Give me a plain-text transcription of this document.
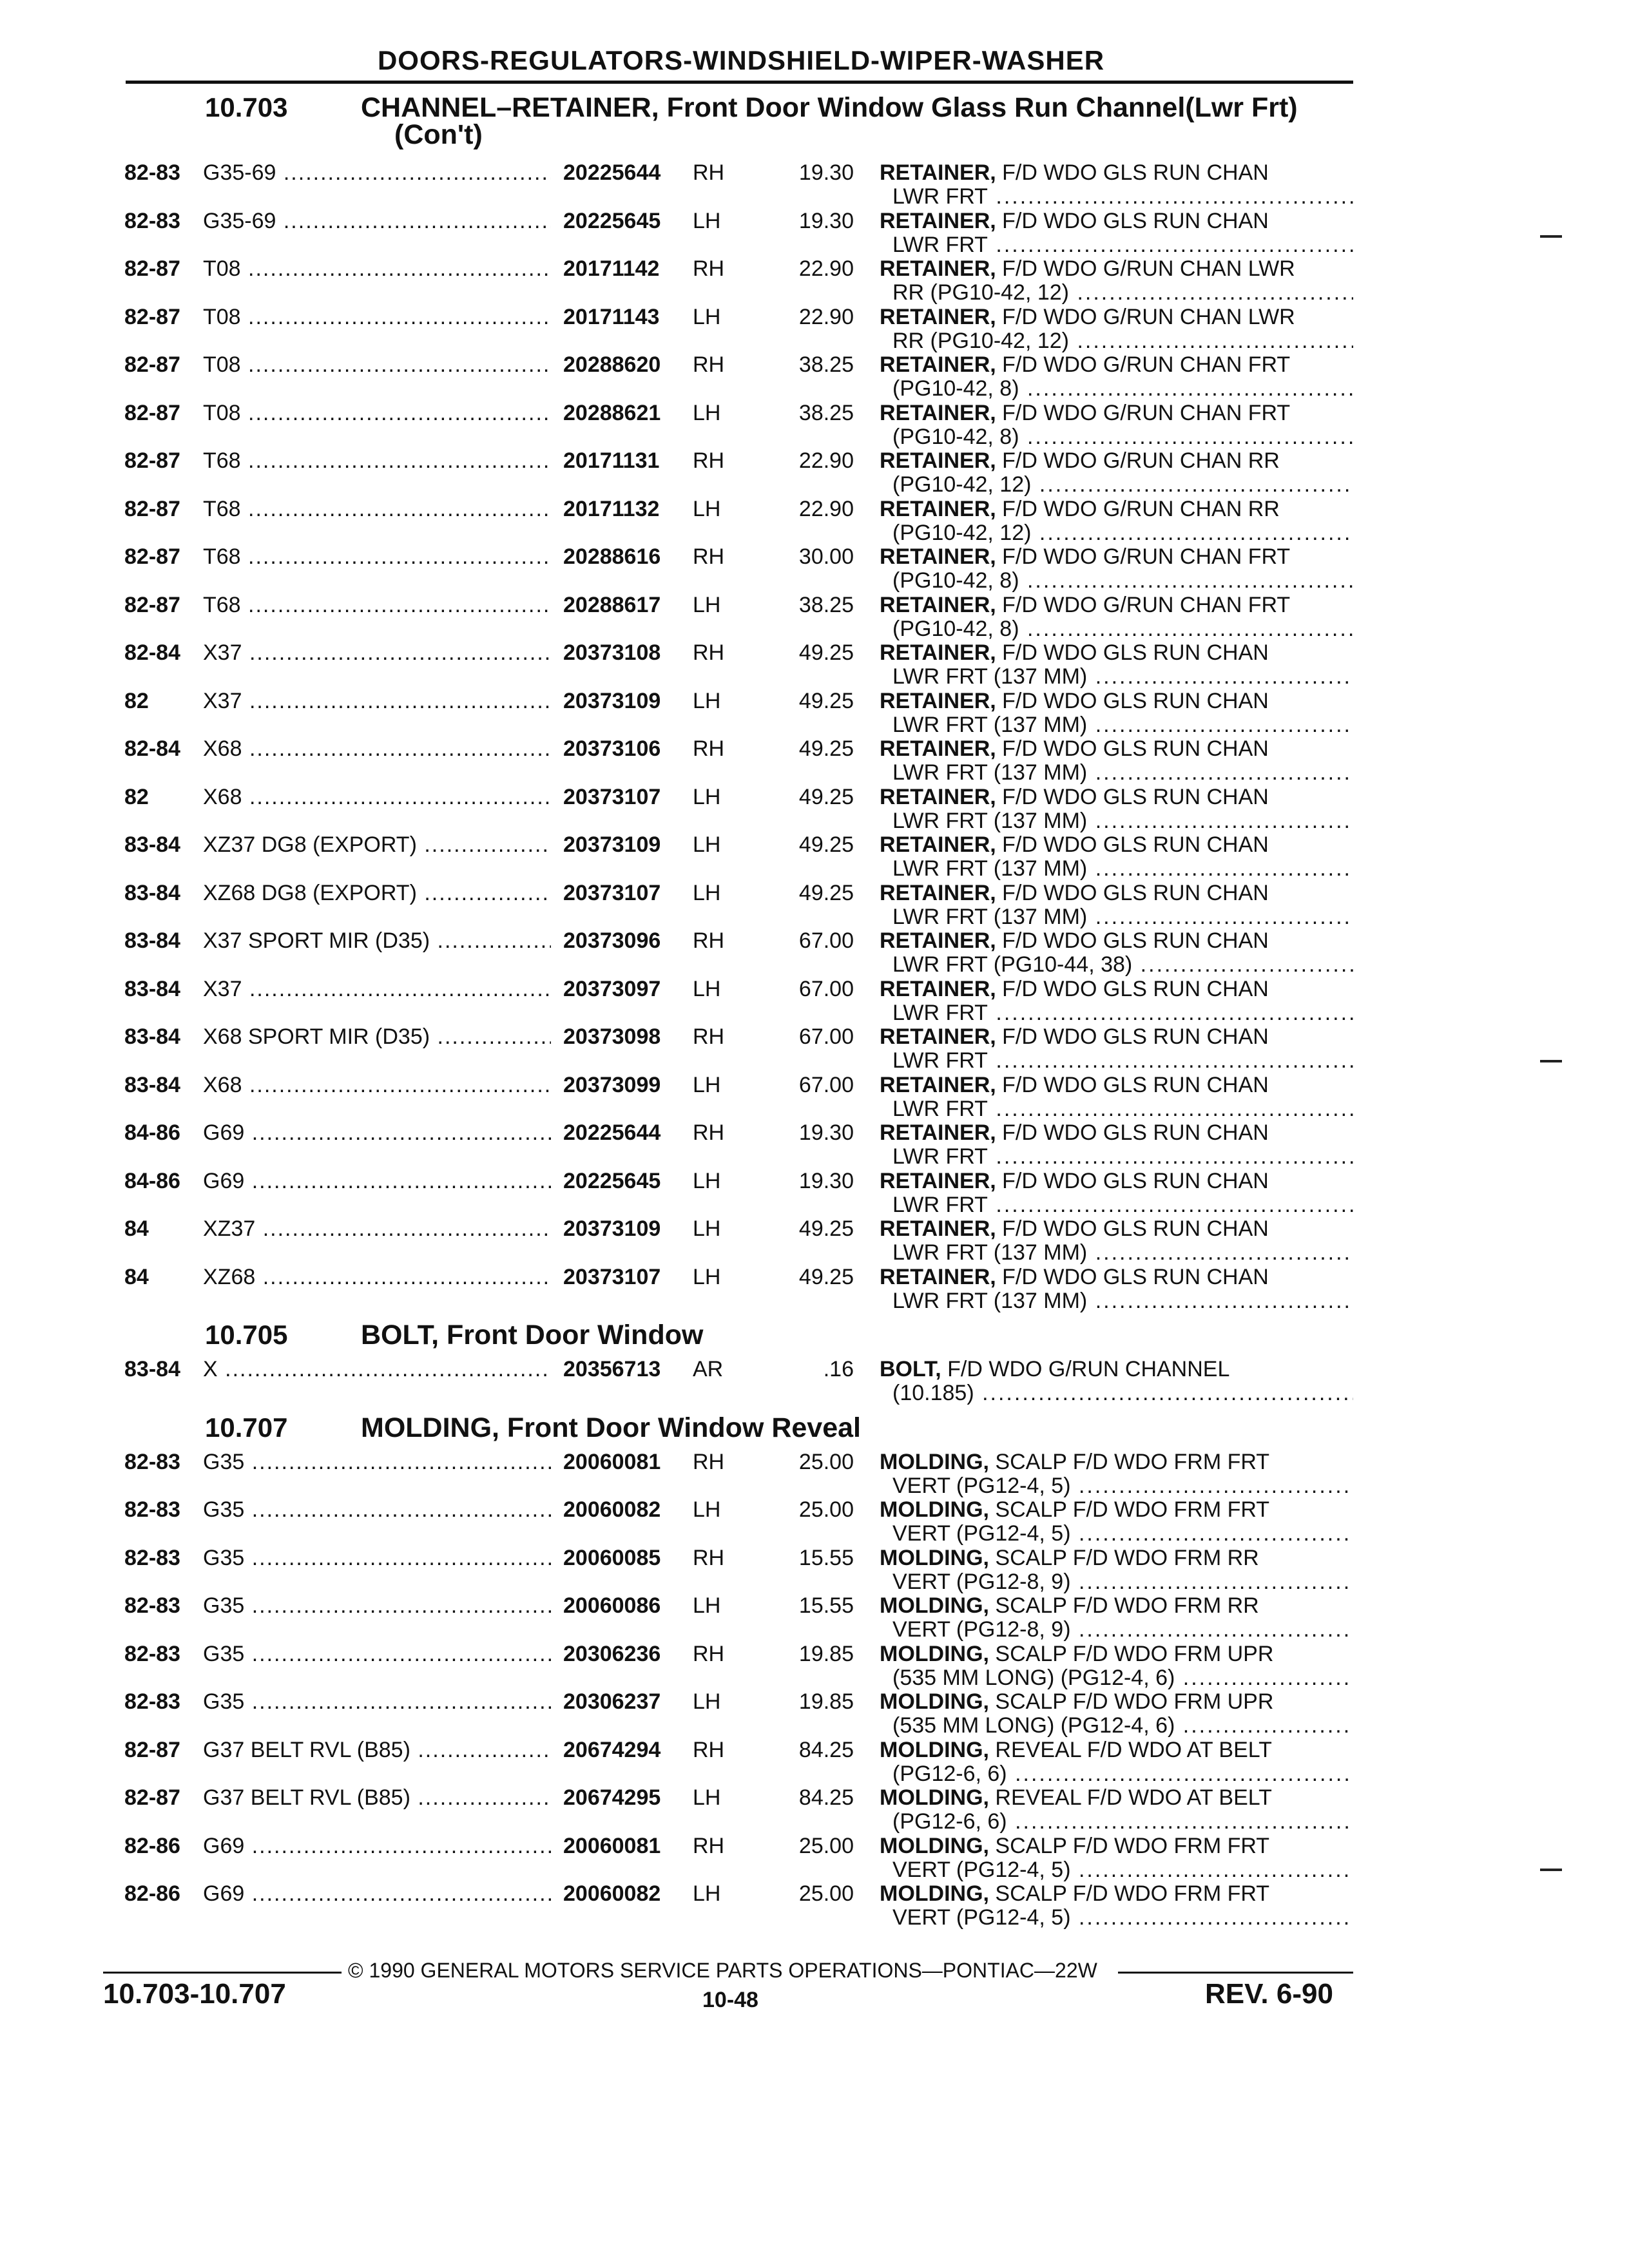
DOORS-REGULATORS-WINDSHIELD-WIPER-WASHER
10.703	CHANNEL–RETAINER, Front Door Window Glass Run Channel(Lwr Frt)
(Con't)
82-83 G35-69 .....	20225644 RH	19.30 RETAINER, F/D WDO GLS RUN CHAN
LWR FRT .....
82-83 G35-69 .....	20225645 LH	19.30 RETAINER, F/D WDO GLS RUN CHAN
LWR FRT .....
82-87 T08 .....	20171142 RH	22.90 RETAINER, F/D WDO G/RUN CHAN LWR
RR (PG10-42, 12) .....
82-87 T08 .....	20171143 LH	22.90 RETAINER, F/D WDO G/RUN CHAN LWR
RR (PG10-42, 12) .....
82-87 T08 .....	20288620 RH	38.25 RETAINER, F/D WDO G/RUN CHAN FRT
(PG10-42, 8) .....
82-87 T08 .....	20288621 LH	38.25 RETAINER, F/D WDO G/RUN CHAN FRT
(PG10-42, 8) .....
82-87 T68 .....	20171131 RH	22.90 RETAINER, F/D WDO G/RUN CHAN RR
(PG10-42, 12) .....
82-87 T68 .....	20171132 LH	22.90 RETAINER, F/D WDO G/RUN CHAN RR
(PG10-42, 12) .....
82-87 T68 .....	20288616 RH	30.00 RETAINER, F/D WDO G/RUN CHAN FRT
(PG10-42, 8) .....
82-87 T68 .....	20288617 LH	38.25 RETAINER, F/D WDO G/RUN CHAN FRT
(PG10-42, 8) .....
82-84 X37 .....	20373108 RH	49.25 RETAINER, F/D WDO GLS RUN CHAN
LWR FRT (137 MM) .....
82 X37 .....	20373109 LH	49.25 RETAINER, F/D WDO GLS RUN CHAN
LWR FRT (137 MM) .....
82-84 X68 .....	20373106 RH	49.25 RETAINER, F/D WDO GLS RUN CHAN
LWR FRT (137 MM) .....
82 X68 .....	20373107 LH	49.25 RETAINER, F/D WDO GLS RUN CHAN
LWR FRT (137 MM) .....
83-84 XZ37 DG8 (EXPORT) .....	20373109 LH	49.25 RETAINER, F/D WDO GLS RUN CHAN
LWR FRT (137 MM) .....
83-84 XZ68 DG8 (EXPORT) .....	20373107 LH	49.25 RETAINER, F/D WDO GLS RUN CHAN
LWR FRT (137 MM) .....
83-84 X37 SPORT MIR (D35) .....	20373096 RH	67.00 RETAINER, F/D WDO GLS RUN CHAN
LWR FRT (PG10-44, 38) .....
83-84 X37 .....	20373097 LH	67.00 RETAINER, F/D WDO GLS RUN CHAN
LWR FRT .....
83-84 X68 SPORT MIR (D35) .....	20373098 RH	67.00 RETAINER, F/D WDO GLS RUN CHAN
LWR FRT .....
83-84 X68 .....	20373099 LH	67.00 RETAINER, F/D WDO GLS RUN CHAN
LWR FRT .....
84-86 G69 .....	20225644 RH	19.30 RETAINER, F/D WDO GLS RUN CHAN
LWR FRT .....
84-86 G69 .....	20225645 LH	19.30 RETAINER, F/D WDO GLS RUN CHAN
LWR FRT .....
84 XZ37 .....	20373109 LH	49.25 RETAINER, F/D WDO GLS RUN CHAN
LWR FRT (137 MM) .....
84 XZ68 .....	20373107 LH	49.25 RETAINER, F/D WDO GLS RUN CHAN
LWR FRT (137 MM) .....
10.705	BOLT, Front Door Window
83-84 X .....	20356713 AR	.16 BOLT, F/D WDO G/RUN CHANNEL
(10.185) .....
10.707	MOLDING, Front Door Window Reveal
82-83 G35 .....	20060081 RH	25.00 MOLDING, SCALP F/D WDO FRM FRT
VERT (PG12-4, 5) .....
82-83 G35 .....	20060082 LH	25.00 MOLDING, SCALP F/D WDO FRM FRT
VERT (PG12-4, 5) .....
82-83 G35 .....	20060085 RH	15.55 MOLDING, SCALP F/D WDO FRM RR
VERT (PG12-8, 9) .....
82-83 G35 .....	20060086 LH	15.55 MOLDING, SCALP F/D WDO FRM RR
VERT (PG12-8, 9) .....
82-83 G35 .....	20306236 RH	19.85 MOLDING, SCALP F/D WDO FRM UPR
(535 MM LONG) (PG12-4, 6) .....
82-83 G35 .....	20306237 LH	19.85 MOLDING, SCALP F/D WDO FRM UPR
(535 MM LONG) (PG12-4, 6) .....
82-87 G37 BELT RVL (B85) .....	20674294 RH	84.25 MOLDING, REVEAL F/D WDO AT BELT
(PG12-6, 6) .....
82-87 G37 BELT RVL (B85) .....	20674295 LH	84.25 MOLDING, REVEAL F/D WDO AT BELT
(PG12-6, 6) .....
82-86 G69 .....	20060081 RH	25.00 MOLDING, SCALP F/D WDO FRM FRT
VERT (PG12-4, 5) .....
82-86 G69 .....	20060082 LH	25.00 MOLDING, SCALP F/D WDO FRM FRT
VERT (PG12-4, 5) .....
© 1990 GENERAL MOTORS SERVICE PARTS OPERATIONS—PONTIAC—22W
10.703-10.707	10-48	REV. 6-90
